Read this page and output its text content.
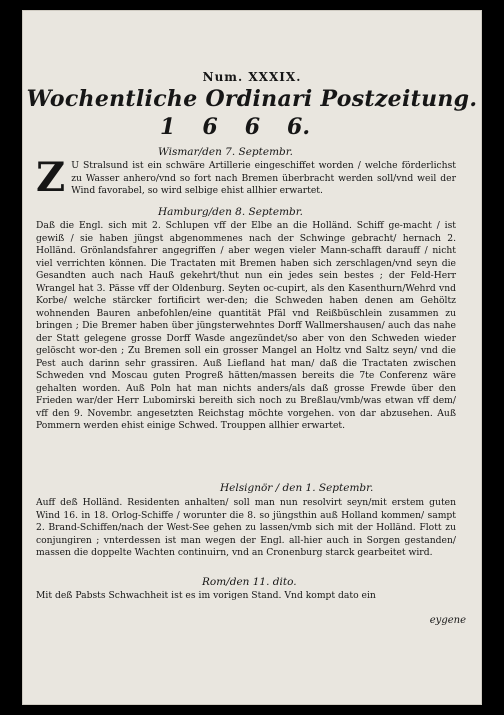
Num. XXXIX.
Wochentliche Ordinari Postzeitung.
1 6 6 6.
Wismar/den 7. Septembr.

Z U Stralsund ist ein schwäre Artillerie eingeschiffet worden / welche förderlichst zu Wasser anhero/vnd so fort nach Bremen überbracht werden soll/vnd weil der Wind favorabel, so wird selbige ehist allhier erwartet.

Hamburg/den 8. Septembr.

Daß die Engl. sich mit 2. Schlupen vff der Elbe an die Holländ. Schiff ge-macht / ist gewiß / sie haben jüngst abgenommenes nach der Schwinge gebracht/ hernach 2. Holländ. Grönlandsfahrer angegriffen / aber wegen vieler Mann-schafft darauff / nicht viel verrichten können. Die Tractaten mit Bremen haben sich zerschlagen/vnd seyn die Gesandten auch nach Hauß gekehrt/thut nun ein jedes sein bestes ; der Feld-Herr Wrangel hat 3. Pässe vff der Oldenburg. Seyten oc-cupirt, als den Kasenthurn/Wehrd vnd Korbe/ welche stärcker fortificirt wer-den; die Schweden haben denen am Gehöltz wohnenden Bauren anbefohlen/eine quantität Pfäl vnd Reißbüschlein zusammen zu bringen ; Die Bremer haben über jüngsterwehntes Dorff Wallmershausen/ auch das nahe der Statt gelegene grosse Dorff Wasde angezündet/so aber von den Schweden wieder gelöscht wor-den ; Zu Bremen soll ein grosser Mangel an Holtz vnd Saltz seyn/ vnd die Pest auch darinn sehr grassiren. Auß Liefland hat man/ daß die Tractaten zwischen Schweden vnd Moscau guten Progreß hätten/massen bereits die 7te Conferenz wäre gehalten worden. Auß Poln hat man nichts anders/als daß grosse Frewde über den Frieden war/der Herr Lubomirski bereith sich noch zu Breßlau/vmb/was etwan vff dem/ vff den 9. Novembr. angesetzten Reichstag möchte vorgehen. von dar abzusehen. Auß Pommern werden ehist einige Schwed. Trouppen allhier erwartet.

Helsignör / den 1. Septembr.

Auff deß Holländ. Residenten anhalten/ soll man nun resolvirt seyn/mit erstem guten Wind 16. in 18. Orlog-Schiffe / worunter die 8. so jüngsthin auß Holland kommen/ sampt 2. Brand-Schiffen/nach der West-See gehen zu lassen/vmb sich mit der Holländ. Flott zu conjungiren ; vnterdessen ist man wegen der Engl. all-hier auch in Sorgen gestanden/ massen die doppelte Wachten continuirn, vnd an Cronenburg starck gearbeitet wird.

Rom/den 11. dito.

Mit deß Pabsts Schwachheit ist es im vorigen Stand. Vnd kompt dato ein

eygene
